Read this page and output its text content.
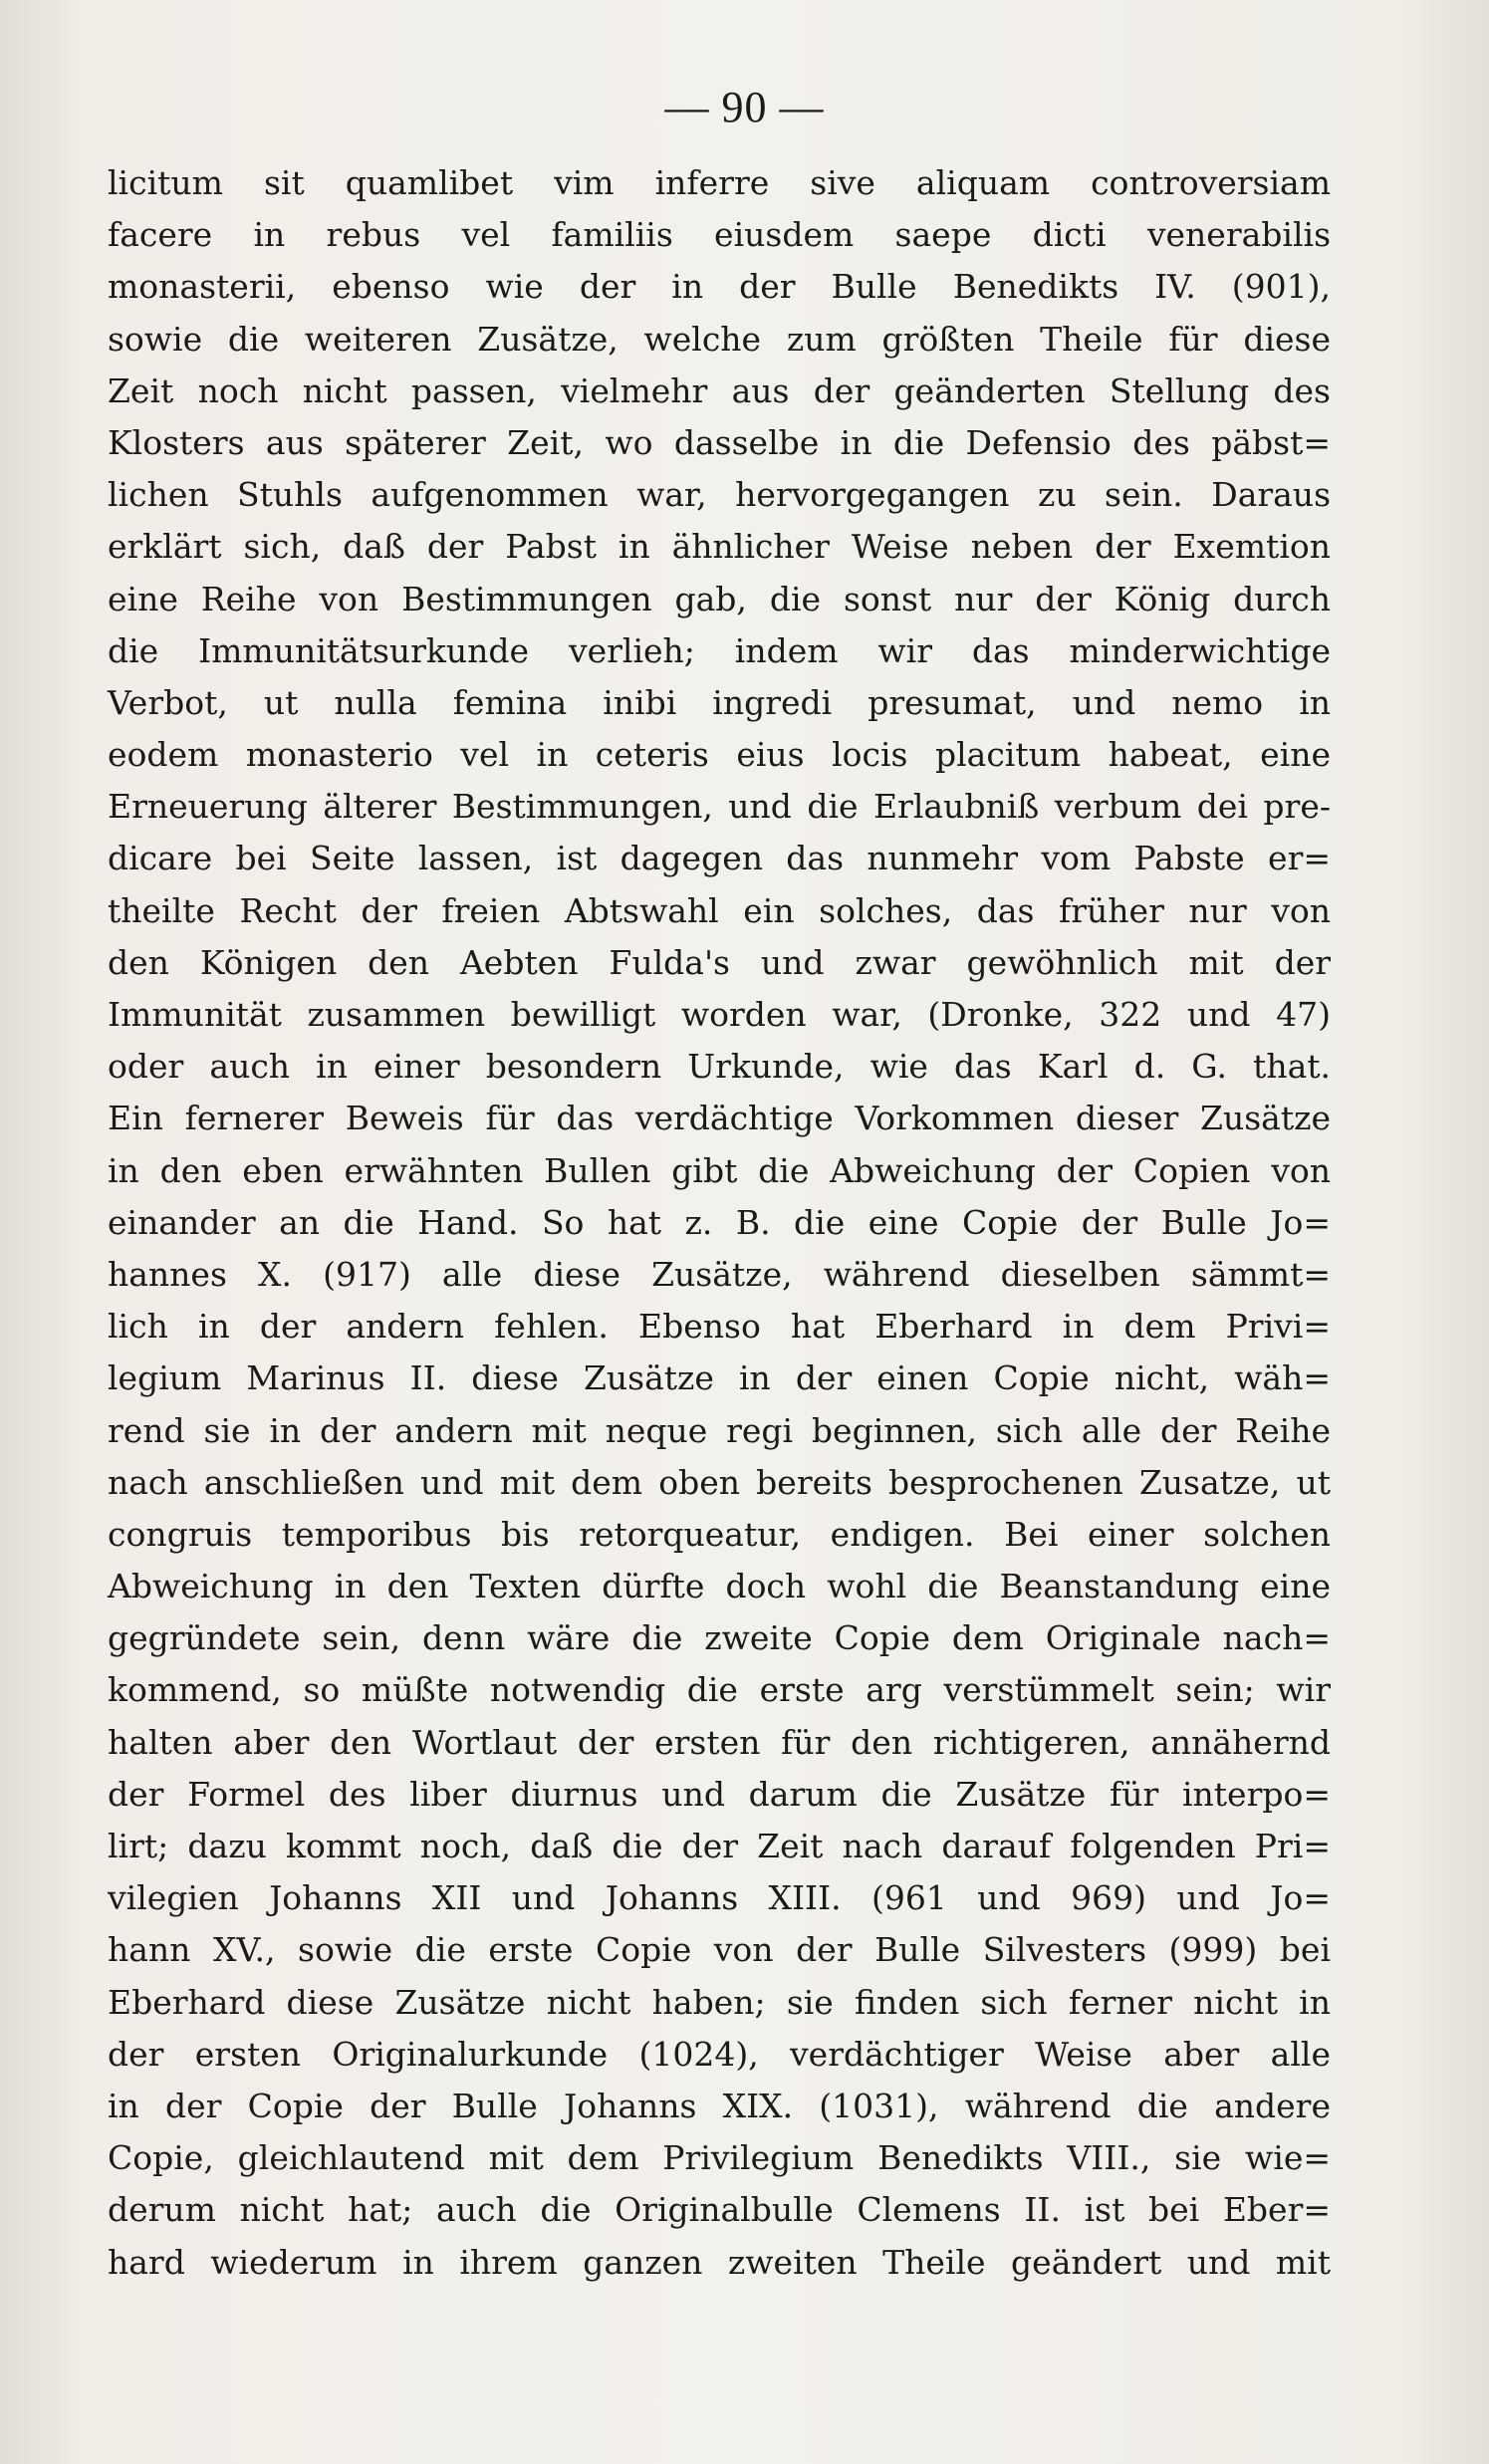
— 90 —
licitum sit quamlibet vim inferre sive aliquam controversiam
facere in rebus vel familiis eiusdem saepe dicti venerabilis
monasterii, ebenso wie der in der Bulle Benedikts IV. (901),
sowie die weiteren Zusätze, welche zum größten Theile für diese
Zeit noch nicht passen, vielmehr aus der geänderten Stellung des
Klosters aus späterer Zeit, wo dasselbe in die Defensio des päbst=
lichen Stuhls aufgenommen war, hervorgegangen zu sein. Daraus
erklärt sich, daß der Pabst in ähnlicher Weise neben der Exemtion
eine Reihe von Bestimmungen gab, die sonst nur der König durch
die Immunitätsurkunde verlieh; indem wir das minderwichtige
Verbot, ut nulla femina inibi ingredi presumat, und nemo in
eodem monasterio vel in ceteris eius locis placitum habeat, eine
Erneuerung älterer Bestimmungen, und die Erlaubniß verbum dei pre-
dicare bei Seite lassen, ist dagegen das nunmehr vom Pabste er=
theilte Recht der freien Abtswahl ein solches, das früher nur von
den Königen den Aebten Fulda's und zwar gewöhnlich mit der
Immunität zusammen bewilligt worden war, (Dronke, 322 und 47)
oder auch in einer besondern Urkunde, wie das Karl d. G. that.
Ein fernerer Beweis für das verdächtige Vorkommen dieser Zusätze
in den eben erwähnten Bullen gibt die Abweichung der Copien von
einander an die Hand. So hat z. B. die eine Copie der Bulle Jo=
hannes X. (917) alle diese Zusätze, während dieselben sämmt=
lich in der andern fehlen. Ebenso hat Eberhard in dem Privi=
legium Marinus II. diese Zusätze in der einen Copie nicht, wäh=
rend sie in der andern mit neque regi beginnen, sich alle der Reihe
nach anschließen und mit dem oben bereits besprochenen Zusatze, ut
congruis temporibus bis retorqueatur, endigen. Bei einer solchen
Abweichung in den Texten dürfte doch wohl die Beanstandung eine
gegründete sein, denn wäre die zweite Copie dem Originale nach=
kommend, so müßte notwendig die erste arg verstümmelt sein; wir
halten aber den Wortlaut der ersten für den richtigeren, annähernd
der Formel des liber diurnus und darum die Zusätze für interpo=
lirt; dazu kommt noch, daß die der Zeit nach darauf folgenden Pri=
vilegien Johanns XII und Johanns XIII. (961 und 969) und Jo=
hann XV., sowie die erste Copie von der Bulle Silvesters (999) bei
Eberhard diese Zusätze nicht haben; sie finden sich ferner nicht in
der ersten Originalurkunde (1024), verdächtiger Weise aber alle
in der Copie der Bulle Johanns XIX. (1031), während die andere
Copie, gleichlautend mit dem Privilegium Benedikts VIII., sie wie=
derum nicht hat; auch die Originalbulle Clemens II. ist bei Eber=
hard wiederum in ihrem ganzen zweiten Theile geändert und mit
